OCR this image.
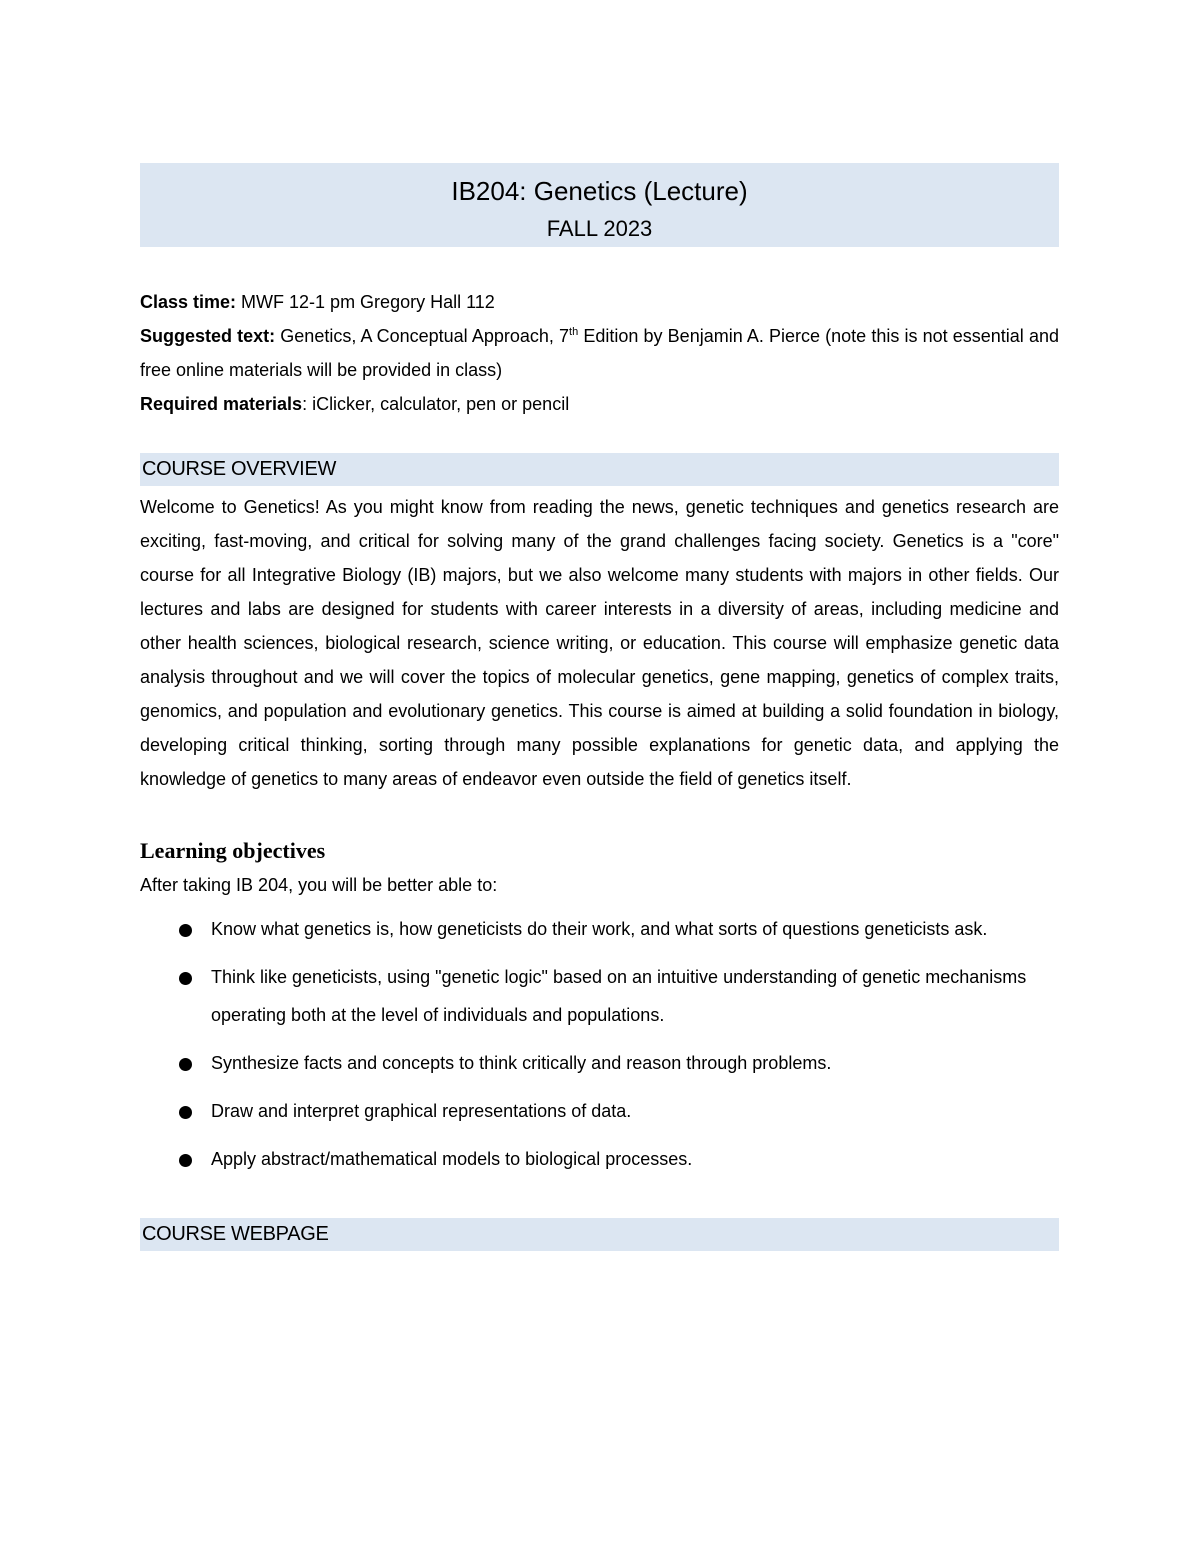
IB204: Genetics (Lecture)
FALL 2023

Class time: MWF 12-1 pm Gregory Hall 112

Suggested text: Genetics, A Conceptual Approach, 7th Edition by Benjamin A. Pierce (note this is not essential and free online materials will be provided in class)

Required materials: iClicker, calculator, pen or pencil

COURSE OVERVIEW

Welcome to Genetics! As you might know from reading the news, genetic techniques and genetics research are exciting, fast-moving, and critical for solving many of the grand challenges facing society. Genetics is a "core" course for all Integrative Biology (IB) majors, but we also welcome many students with majors in other fields. Our lectures and labs are designed for students with career interests in a diversity of areas, including medicine and other health sciences, biological research, science writing, or education. This course will emphasize genetic data analysis throughout and we will cover the topics of molecular genetics, gene mapping, genetics of complex traits, genomics, and population and evolutionary genetics. This course is aimed at building a solid foundation in biology, developing critical thinking, sorting through many possible explanations for genetic data, and applying the knowledge of genetics to many areas of endeavor even outside the field of genetics itself.

Learning objectives

After taking IB 204, you will be better able to:

Know what genetics is, how geneticists do their work, and what sorts of questions geneticists ask.
Think like geneticists, using "genetic logic" based on an intuitive understanding of genetic mechanisms operating both at the level of individuals and populations.
Synthesize facts and concepts to think critically and reason through problems.
Draw and interpret graphical representations of data.
Apply abstract/mathematical models to biological processes.
COURSE WEBPAGE
